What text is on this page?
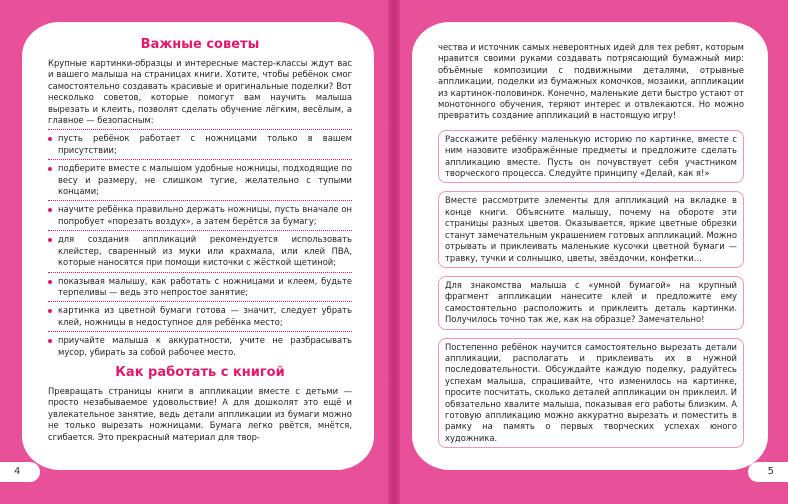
Важные советы

Крупные картинки-образцы и интересные мастер-классы ждут вас и вашего малыша на страницах книги. Хотите, чтобы ребёнок смог самостоятельно создавать красивые и оригинальные поделки? Вот несколько советов, которые помогут вам научить малыша вырезать и клеить, позволят сделать обучение лёгким, весёлым, а главное — безопасным:

пусть ребёнок работает с ножницами только в вашем присутствии;
подберите вместе с малышом удобные ножницы, подходящие по весу и размеру, не слишком тугие, желательно с тупыми концами;
научите ребёнка правильно держать ножницы, пусть вначале он попробует «порезать воздух», а затем берётся за бумагу;
для создания аппликаций рекомендуется использовать клейстер, сваренный из муки или крахмала, или клей ПВА, которые наносятся при помощи кисточки с жёсткой щетиной;
показывая малышу, как работать с ножницами и клеем, будьте терпеливы — ведь это непростое занятие;
картинка из цветной бумаги готова — значит, следует убрать клей, ножницы в недоступное для ребёнка место;
приучайте малыша к аккуратности, учите не разбрасывать мусор, убирать за собой рабочее место.
Как работать с книгой

Превращать страницы книги в аппликации вместе с детьми — просто незабываемое удовольствие! А для дошколят это ещё и увлекательное занятие, ведь детали аппликации из бумаги можно не только вырезать ножницами. Бумага легко рвётся, мнётся, сгибается. Это прекрасный материал для твор-

чества и источник самых невероятных идей для тех ребят, которым нравится своими руками создавать потрясающий бумажный мир: объёмные композиции с подвижными деталями, отрывные аппликации, поделки из бумажных комочков, мозаики, аппликации из картинок-половинок. Конечно, маленькие дети быстро устают от монотонного обучения, теряют интерес и отвлекаются. Но можно превратить создание аппликаций в настоящую игру!

Расскажите ребёнку маленькую историю по картинке, вместе с ним назовите изображённые предметы и предложите сделать аппликацию вместе. Пусть он почувствует себя участником творческого процесса. Следуйте принципу «Делай, как я!»

Вместе рассмотрите элементы для аппликаций на вкладке в конце книги. Объясните малышу, почему на обороте эти страницы разных цветов. Оказывается, яркие цветные обрезки станут замечательным украшением готовых аппликаций. Можно отрывать и приклеивать маленькие кусочки цветной бумаги — травку, тучки и солнышко, цветы, звёздочки, конфетки…

Для знакомства малыша с «умной бумагой» на крупный фрагмент аппликации нанесите клей и предложите ему самостоятельно расположить и приклеить деталь картинки. Получилось точно так же, как на образце? Замечательно!

Постепенно ребёнок научится самостоятельно вырезать детали аппликации, располагать и приклеивать их в нужной последовательности. Обсуждайте каждую поделку, радуйтесь успехам малыша, спрашивайте, что изменилось на картинке, просите посчитать, сколько деталей аппликации он приклеил. И обязательно хвалите малыша, показывая его работы близким. А готовую аппликацию можно аккуратно вырезать и поместить в рамку на память о первых творческих успехах юного художника.

4	5
